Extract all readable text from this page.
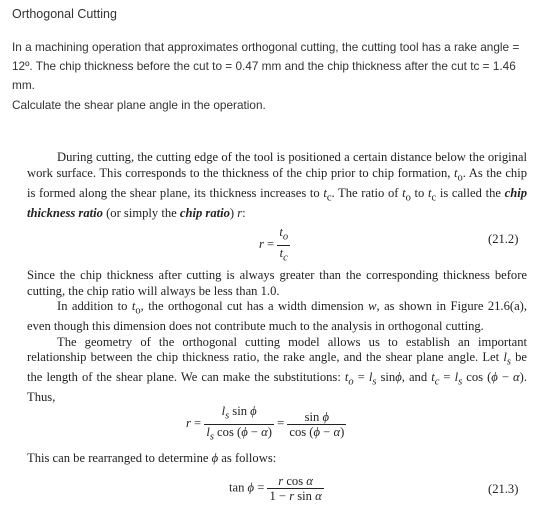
Orthogonal Cutting
In a machining operation that approximates orthogonal cutting, the cutting tool has a rake angle = 12º. The chip thickness before the cut to = 0.47 mm and the chip thickness after the cut tc = 1.46 mm.
Calculate the shear plane angle in the operation.

During cutting, the cutting edge of the tool is positioned a certain distance below the original work surface. This corresponds to the thickness of the chip prior to chip formation, $t_o$. As the chip is formed along the shear plane, its thickness increases to $t_c$. The ratio of $t_o$ to $t_c$ is called the chip thickness ratio (or simply the chip ratio) r:

$r = \frac{t_o}{t_c}$	(21.2)

Since the chip thickness after cutting is always greater than the corresponding thickness before cutting, the chip ratio will always be less than 1.0.

In addition to $t_o$, the orthogonal cut has a width dimension w, as shown in Figure 21.6(a), even though this dimension does not contribute much to the analysis in orthogonal cutting.

The geometry of the orthogonal cutting model allows us to establish an important relationship between the chip thickness ratio, the rake angle, and the shear plane angle. Let $l_s$ be the length of the shear plane. We can make the substitutions: $t_o = l_s$ sinϕ, and $t_c = l_s$ cos (ϕ − α). Thus,

$r = \frac{l_s \sin \phi}{l_s \cos (\phi - \alpha)} = \frac{\text{sin ϕ}}{\cos (\phi - \alpha)}$

This can be rearranged to determine ϕ as follows:

$\tan \phi = \frac{\text{r cos α}}{\text{1 − r sin α}}$	(21.3)
